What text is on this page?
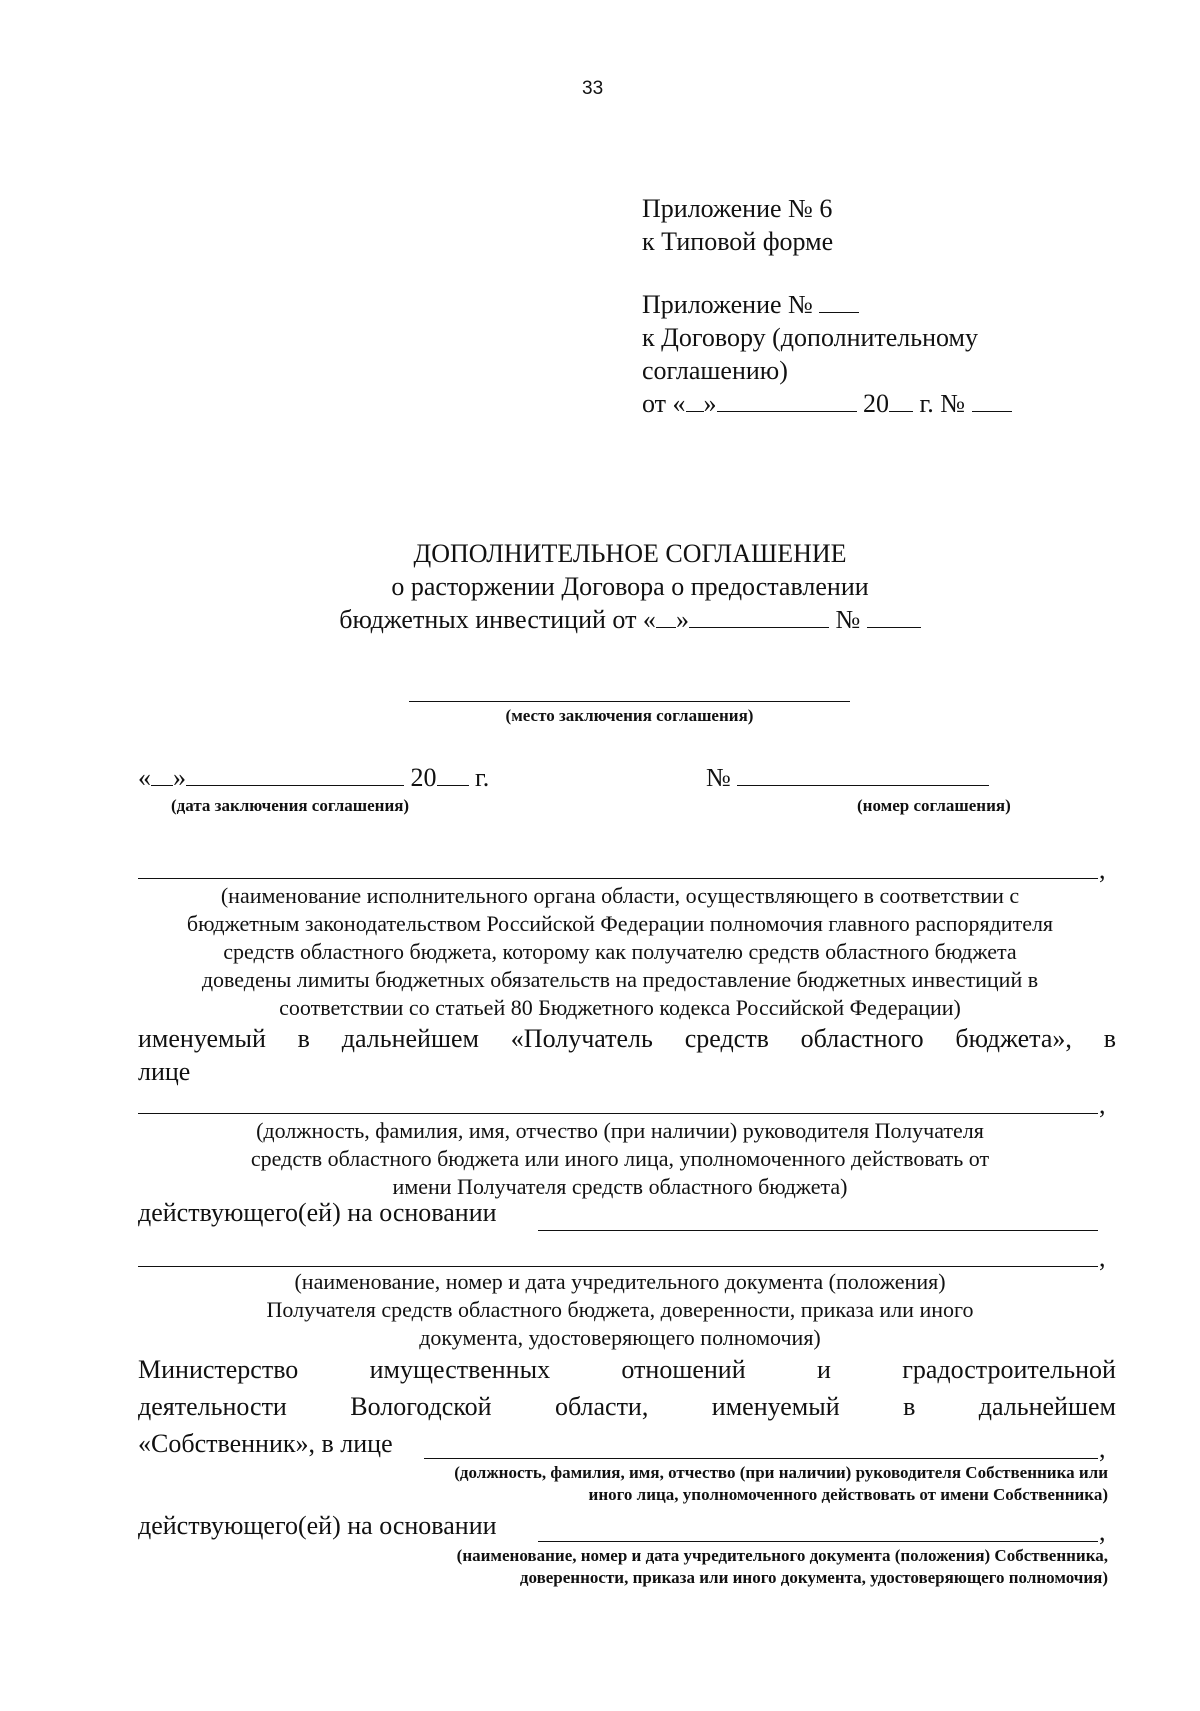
33
Приложение № 6
к Типовой форме
Приложение №
к Договору (дополнительному
соглашению)
от « »	20 г. №
ДОПОЛНИТЕЛЬНОЕ СОГЛАШЕНИЕ
о расторжении Договора о предоставлении
бюджетных инвестиций от « »	№
(место заключения соглашения)
« »	20 г.	№
(дата заключения соглашения)	(номер соглашения)
,
(наименование исполнительного органа области, осуществляющего в соответствии с
бюджетным законодательством Российской Федерации полномочия главного распорядителя
средств областного бюджета, которому как получателю средств областного бюджета
доведены лимиты бюджетных обязательств на предоставление бюджетных инвестиций в
соответствии со статьей 80 Бюджетного кодекса Российской Федерации)
именуемый в дальнейшем «Получатель средств областного бюджета», в
лице
,
(должность, фамилия, имя, отчество (при наличии) руководителя Получателя
средств областного бюджета или иного лица, уполномоченного действовать от
имени Получателя средств областного бюджета)
действующего(ей) на основании
,
(наименование, номер и дата учредительного документа (положения)
Получателя средств областного бюджета, доверенности, приказа или иного
документа, удостоверяющего полномочия)
Министерство	имущественных	отношений	и	градостроительной
деятельности Вологодской области, именуемый в дальнейшем
«Собственник», в лице	,
(должность, фамилия, имя, отчество (при наличии) руководителя Собственника или
иного лица, уполномоченного действовать от имени Собственника)
действующего(ей) на основании	,
(наименование, номер и дата учредительного документа (положения) Собственника,
доверенности, приказа или иного документа, удостоверяющего полномочия)
